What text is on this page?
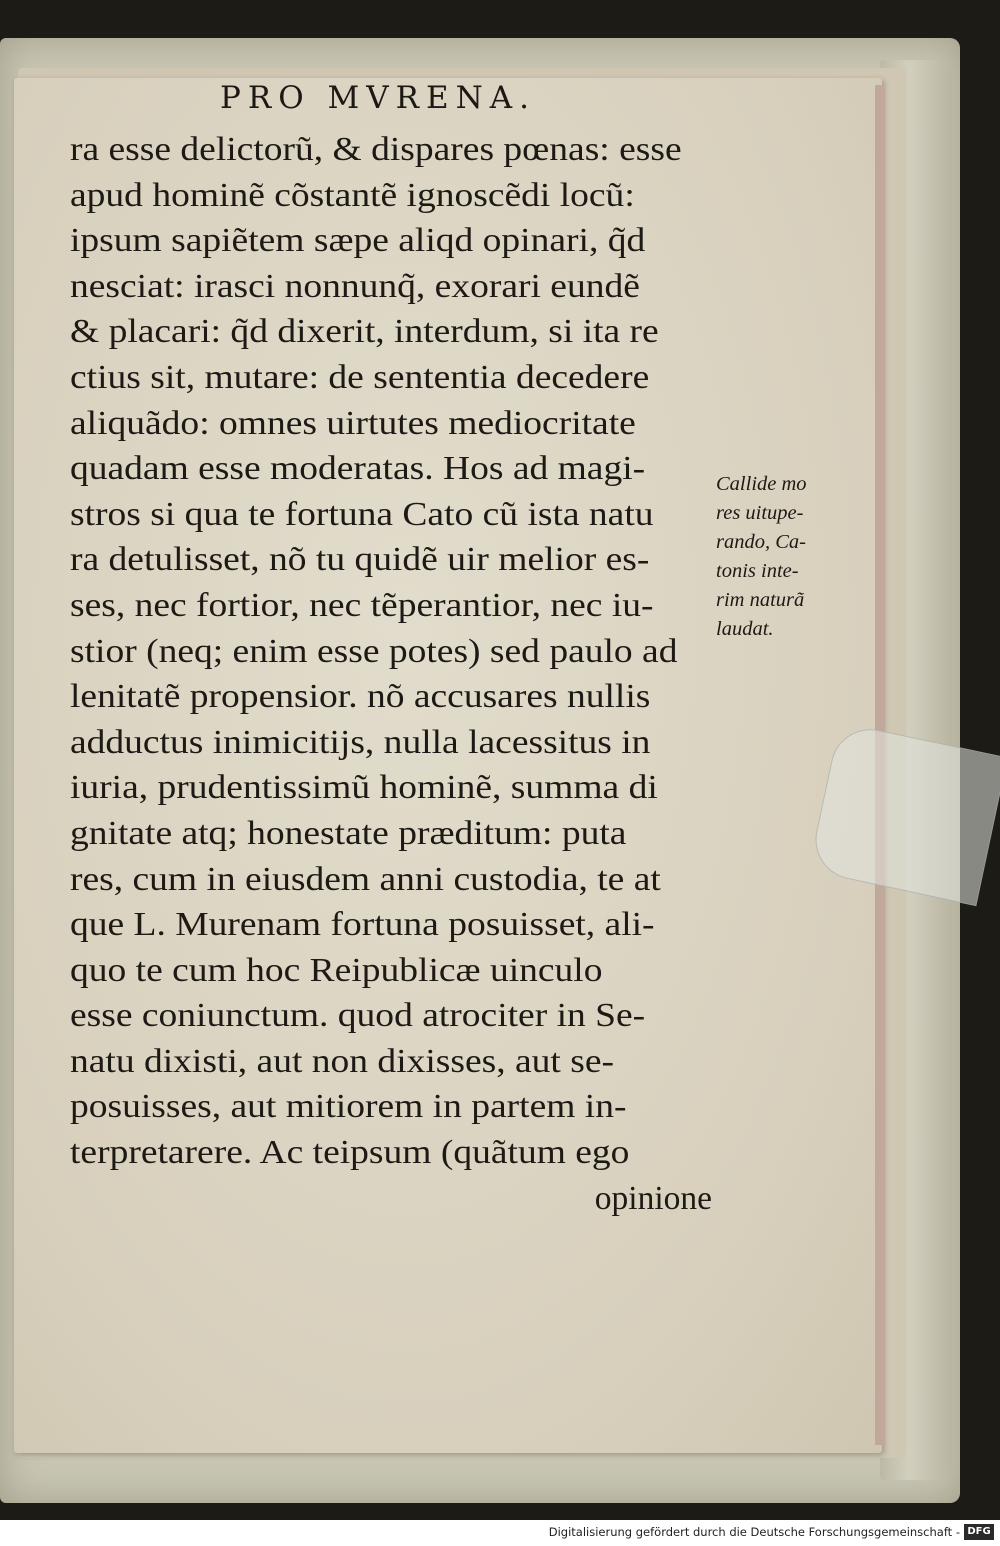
PRO MVRENA.
ra esse delictorũ, & dispares pœnas: esse
apud hominẽ cõstantẽ ignoscẽdi locũ:
ipsum sapiẽtem sæpe aliqd opinari, q̃d
nesciat: irasci nonnunq̃, exorari eundẽ
& placari: q̃d dixerit, interdum, si ita re
ctius sit, mutare: de sententia decedere
aliquãdo: omnes uirtutes mediocritate
quadam esse moderatas. Hos ad magi-
stros si qua te fortuna Cato cũ ista natu
ra detulisset, nõ tu quidẽ uir melior es-
ses, nec fortior, nec tẽperantior, nec iu-
stior (neq; enim esse potes) sed paulo ad
lenitatẽ propensior. nõ accusares nullis
adductus inimicitijs, nulla lacessitus in
iuria, prudentissimũ hominẽ, summa di
gnitate atq; honestate præditum: puta
res, cum in eiusdem anni custodia, te at
que L. Murenam fortuna posuisset, ali-
quo te cum hoc Reipublicæ uinculo
esse coniunctum. quod atrociter in Se-
natu dixisti, aut non dixisses, aut se-
posuisses, aut mitiorem in partem in-
terpretarere. Ac teipsum (quãtum ego
opinione
Callide mo
res uitupe-
rando, Ca-
tonis inte-
rim naturã
laudat.
Digitalisierung gefördert durch die Deutsche Forschungsgemeinschaft - DFG
